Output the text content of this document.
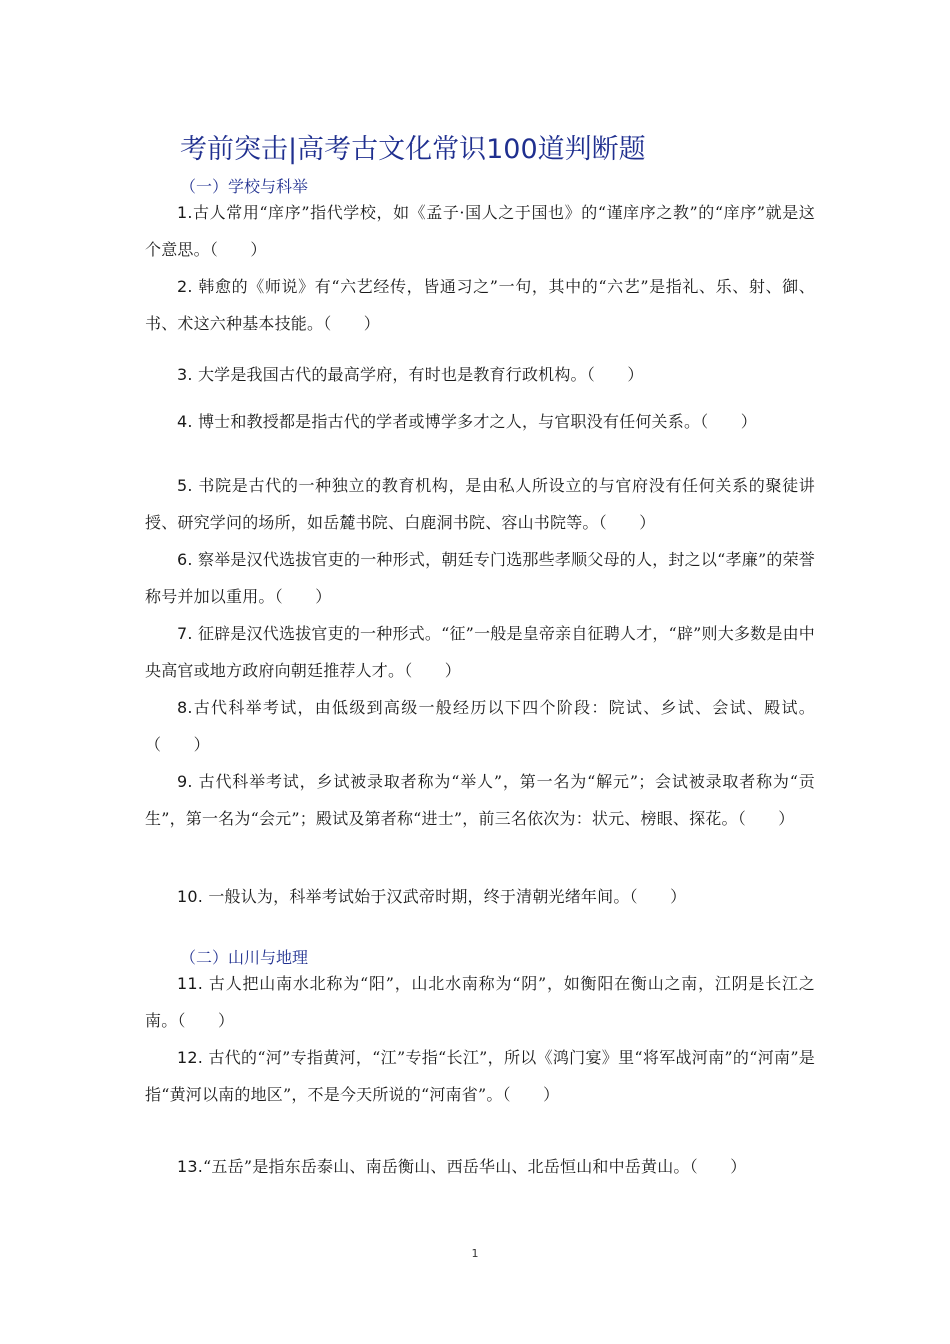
考前突击|高考古文化常识100道判断题
（一）学校与科举
1.古人常用“庠序”指代学校，如《孟子·国人之于国也》的“谨庠序之教”的“庠序”就是这个意思。（　　）
2. 韩愈的《师说》有“六艺经传，皆通习之”一句，其中的“六艺”是指礼、乐、射、御、书、术这六种基本技能。（　　）
3. 大学是我国古代的最高学府，有时也是教育行政机构。（　　）
4. 博士和教授都是指古代的学者或博学多才之人，与官职没有任何关系。（　　）
5. 书院是古代的一种独立的教育机构，是由私人所设立的与官府没有任何关系的聚徒讲授、研究学问的场所，如岳麓书院、白鹿洞书院、容山书院等。（　　）
6. 察举是汉代选拔官吏的一种形式，朝廷专门选那些孝顺父母的人，封之以“孝廉”的荣誉称号并加以重用。（　　）
7. 征辟是汉代选拔官吏的一种形式。“征”一般是皇帝亲自征聘人才，“辟”则大多数是由中央高官或地方政府向朝廷推荐人才。（　　）
8.古代科举考试，由低级到高级一般经历以下四个阶段：院试、乡试、会试、殿试。（　　）
9. 古代科举考试，乡试被录取者称为“举人”，第一名为“解元”；会试被录取者称为“贡生”，第一名为“会元”；殿试及第者称“进士”，前三名依次为：状元、榜眼、探花。（　　）
10. 一般认为，科举考试始于汉武帝时期，终于清朝光绪年间。（　　）
（二）山川与地理
11. 古人把山南水北称为“阳”，山北水南称为“阴”，如衡阳在衡山之南，江阴是长江之南。（　　）
12. 古代的“河”专指黄河，“江”专指“长江”，所以《鸿门宴》里“将军战河南”的“河南”是指“黄河以南的地区”，不是今天所说的“河南省”。（　　）
13.“五岳”是指东岳泰山、南岳衡山、西岳华山、北岳恒山和中岳黄山。（　　）
1
